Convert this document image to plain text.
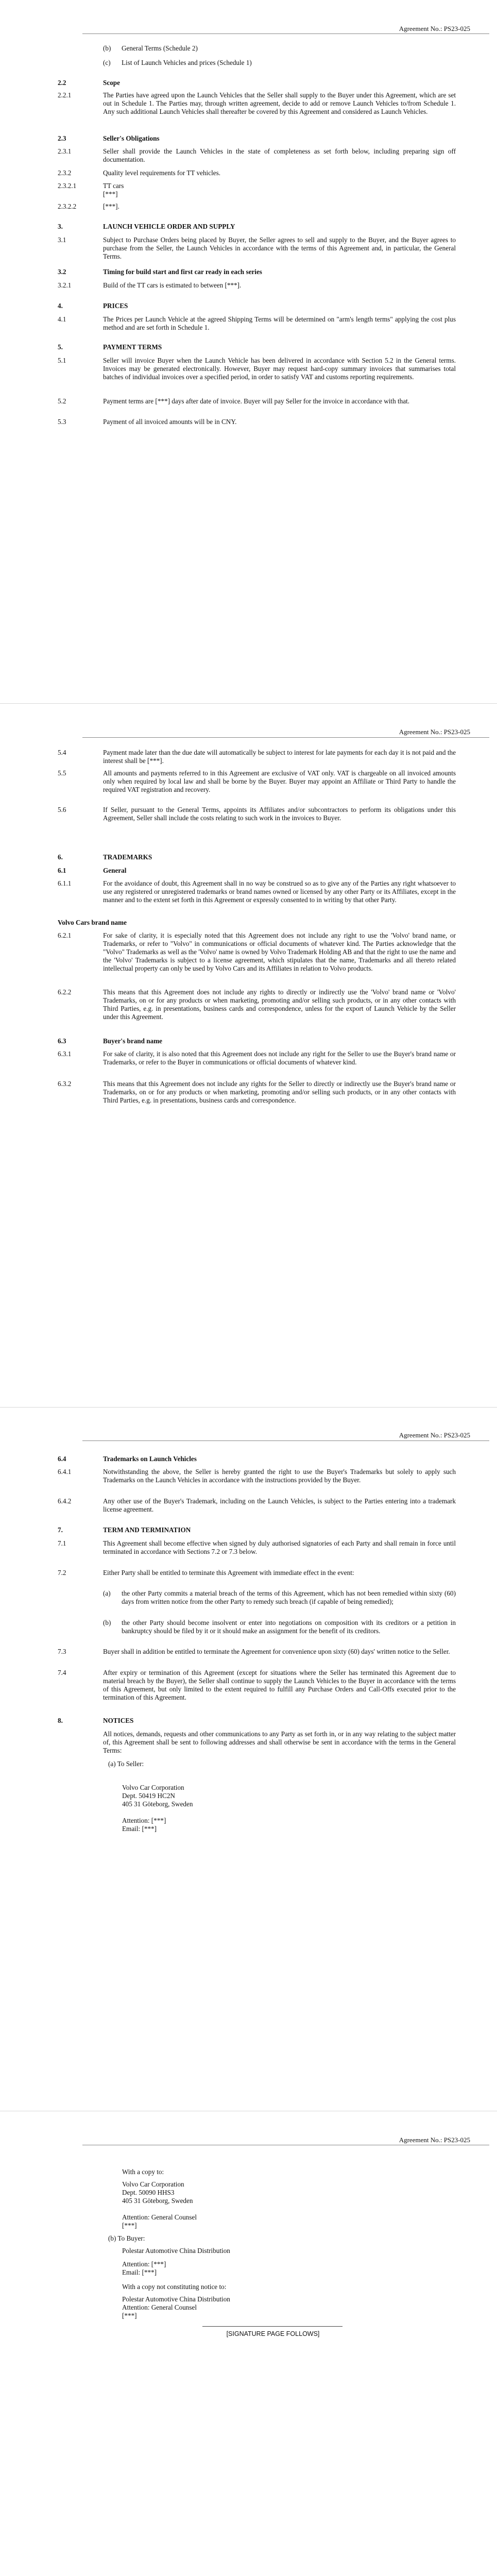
Agreement No.: PS23-025
(b) General Terms (Schedule 2)
(c) List of Launch Vehicles and prices (Schedule 1)
2.2	Scope
2.2.1	The Parties have agreed upon the Launch Vehicles that the Seller shall supply to the Buyer under this Agreement, which are set out in Schedule 1. The Parties may, through written agreement, decide to add or remove Launch Vehicles to/from Schedule 1. Any such additional Launch Vehicles shall thereafter be covered by this Agreement and considered as Launch Vehicles.
2.3	Seller's Obligations
2.3.1	Seller shall provide the Launch Vehicles in the state of completeness as set forth below, including preparing sign off documentation.
2.3.2	Quality level requirements for TT vehicles.
2.3.2.1	TT cars
[***]
2.3.2.2	[***].
3.	LAUNCH VEHICLE ORDER AND SUPPLY
3.1	Subject to Purchase Orders being placed by Buyer, the Seller agrees to sell and supply to the Buyer, and the Buyer agrees to purchase from the Seller, the Launch Vehicles in accordance with the terms of this Agreement and, in particular, the General Terms.
3.2	Timing for build start and first car ready in each series
3.2.1	Build of the TT cars is estimated to between [***].
4.	PRICES
4.1	The Prices per Launch Vehicle at the agreed Shipping Terms will be determined on "arm's length terms" applying the cost plus method and are set forth in Schedule 1.
5.	PAYMENT TERMS
5.1	Seller will invoice Buyer when the Launch Vehicle has been delivered in accordance with Section 5.2 in the General terms. Invoices may be generated electronically. However, Buyer may request hard-copy summary invoices that summarises total batches of individual invoices over a specified period, in order to satisfy VAT and customs reporting requirements.
5.2	Payment terms are [***] days after date of invoice. Buyer will pay Seller for the invoice in accordance with that.
5.3	Payment of all invoiced amounts will be in CNY.
Agreement No.: PS23-025
5.4	Payment made later than the due date will automatically be subject to interest for late payments for each day it is not paid and the interest shall be [***].
5.5	All amounts and payments referred to in this Agreement are exclusive of VAT only. VAT is chargeable on all invoiced amounts only when required by local law and shall be borne by the Buyer. Buyer may appoint an Affiliate or Third Party to handle the required VAT registration and recovery.
5.6	If Seller, pursuant to the General Terms, appoints its Affiliates and/or subcontractors to perform its obligations under this Agreement, Seller shall include the costs relating to such work in the invoices to Buyer.
6.	TRADEMARKS
6.1	General
6.1.1	For the avoidance of doubt, this Agreement shall in no way be construed so as to give any of the Parties any right whatsoever to use any registered or unregistered trademarks or brand names owned or licensed by any other Party or its Affiliates, except in the manner and to the extent set forth in this Agreement or expressly consented to in writing by that other Party.
Volvo Cars brand name
6.2.1	For sake of clarity, it is especially noted that this Agreement does not include any right to use the 'Volvo' brand name, or Trademarks, or refer to "Volvo" in communications or official documents of whatever kind. The Parties acknowledge that the "Volvo" Trademarks as well as the 'Volvo' name is owned by Volvo Trademark Holding AB and that the right to use the name and the 'Volvo' Trademarks is subject to a license agreement, which stipulates that the name, Trademarks and all thereto related intellectual property can only be used by Volvo Cars and its Affiliates in relation to Volvo products.
6.2.2	This means that this Agreement does not include any rights to directly or indirectly use the 'Volvo' brand name or 'Volvo' Trademarks, on or for any products or when marketing, promoting and/or selling such products, or in any other contacts with Third Parties, e.g. in presentations, business cards and correspondence, unless for the export of Launch Vehicle by the Seller under this Agreement.
6.3	Buyer's brand name
6.3.1	For sake of clarity, it is also noted that this Agreement does not include any right for the Seller to use the Buyer's brand name or Trademarks, or refer to the Buyer in communications or official documents of whatever kind.
6.3.2	This means that this Agreement does not include any rights for the Seller to directly or indirectly use the Buyer's brand name or Trademarks, on or for any products or when marketing, promoting and/or selling such products, or in any other contacts with Third Parties, e.g. in presentations, business cards and correspondence.
Agreement No.: PS23-025
6.4	Trademarks on Launch Vehicles
6.4.1	Notwithstanding the above, the Seller is hereby granted the right to use the Buyer's Trademarks but solely to apply such Trademarks on the Launch Vehicles in accordance with the instructions provided by the Buyer.
6.4.2	Any other use of the Buyer's Trademark, including on the Launch Vehicles, is subject to the Parties entering into a trademark license agreement.
7.	TERM AND TERMINATION
7.1	This Agreement shall become effective when signed by duly authorised signatories of each Party and shall remain in force until terminated in accordance with Sections 7.2 or 7.3 below.
7.2	Either Party shall be entitled to terminate this Agreement with immediate effect in the event:
(a) the other Party commits a material breach of the terms of this Agreement, which has not been remedied within sixty (60) days from written notice from the other Party to remedy such breach (if capable of being remedied);
(b) the other Party should become insolvent or enter into negotiations on composition with its creditors or a petition in bankruptcy should be filed by it or it should make an assignment for the benefit of its creditors.
7.3	Buyer shall in addition be entitled to terminate the Agreement for convenience upon sixty (60) days' written notice to the Seller.
7.4	After expiry or termination of this Agreement (except for situations where the Seller has terminated this Agreement due to material breach by the Buyer), the Seller shall continue to supply the Launch Vehicles to the Buyer in accordance with the terms of this Agreement, but only limited to the extent required to fulfill any Purchase Orders and Call-Offs executed prior to the termination of this Agreement.
8.	NOTICES
All notices, demands, requests and other communications to any Party as set forth in, or in any way relating to the subject matter of, this Agreement shall be sent to following addresses and shall otherwise be sent in accordance with the terms in the General Terms:
(a) To Seller:
Volvo Car Corporation
Dept. 50419 HC2N
405 31 Göteborg, Sweden
Attention: [***]
Email: [***]
Agreement No.: PS23-025
With a copy to:
Volvo Car Corporation
Dept. 50090 HHS3
405 31 Göteborg, Sweden
Attention: General Counsel
[***]
(b) To Buyer:
Polestar Automotive China Distribution
Attention: [***]
Email: [***]
With a copy not constituting notice to:
Polestar Automotive China Distribution
Attention: General Counsel
[***]
[SIGNATURE PAGE FOLLOWS]
